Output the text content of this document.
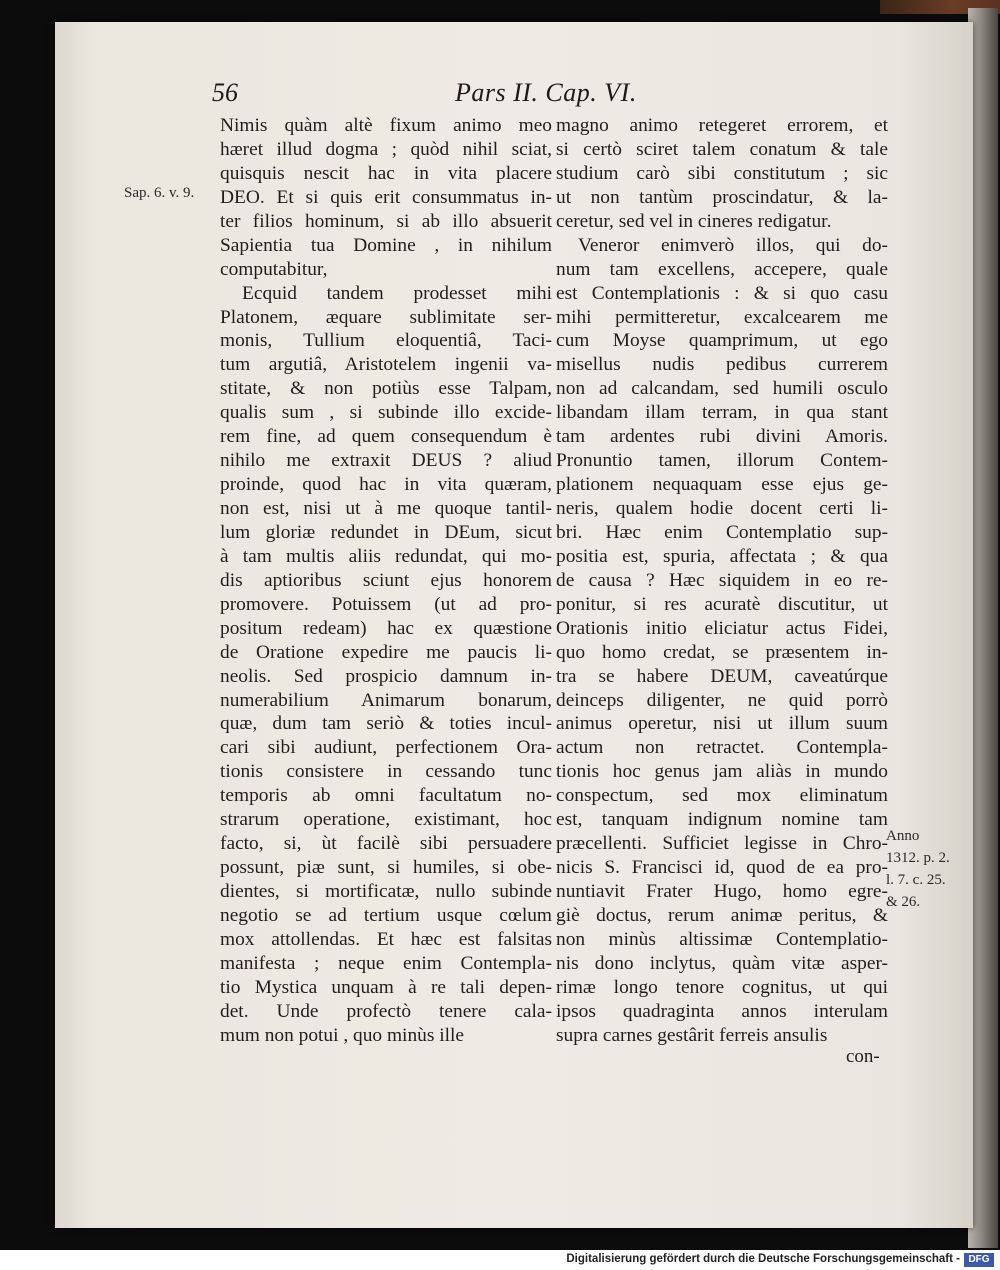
56	Pars II. Cap. VI.
Sap. 6. v. 9.
Anno
1312. p. 2.
l. 7. c. 25.
& 26.
Nimis quàm altè fixum animo meo
hæret illud dogma ; quòd nihil sciat,
quisquis nescit hac in vita placere
DEO. Et si quis erit consummatus in-
ter filios hominum, si ab illo absuerit
Sapientia tua Domine , in nihilum
computabitur,
Ecquid tandem prodesset mihi
Platonem, æquare sublimitate ser-
monis, Tullium eloquentiâ, Taci-
tum argutiâ, Aristotelem ingenii va-
stitate, & non potiùs esse Talpam,
qualis sum , si subinde illo excide-
rem fine, ad quem consequendum è
nihilo me extraxit DEUS ? aliud
proinde, quod hac in vita quæram,
non est, nisi ut à me quoque tantil-
lum gloriæ redundet in DEum, sicut
à tam multis aliis redundat, qui mo-
dis aptioribus sciunt ejus honorem
promovere. Potuissem (ut ad pro-
positum redeam) hac ex quæstione
de Oratione expedire me paucis li-
neolis. Sed prospicio damnum in-
numerabilium Animarum bonarum,
quæ, dum tam seriò & toties incul-
cari sibi audiunt, perfectionem Ora-
tionis consistere in cessando tunc
temporis ab omni facultatum no-
strarum operatione, existimant, hoc
facto, si, ùt facilè sibi persuadere
possunt, piæ sunt, si humiles, si obe-
dientes, si mortificatæ, nullo subinde
negotio se ad tertium usque cœlum
mox attollendas. Et hæc est falsitas
manifesta ; neque enim Contempla-
tio Mystica unquam à re tali depen-
det. Unde profectò tenere cala-
mum non potui , quo minùs ille
magno animo retegeret errorem, et
si certò sciret talem conatum & tale
studium carò sibi constitutum ; sic
ut non tantùm proscindatur, & la-
ceretur, sed vel in cineres redigatur.
Veneror enimverò illos, qui do-
num tam excellens, accepere, quale
est Contemplationis : & si quo casu
mihi permitteretur, excalcearem me
cum Moyse quamprimum, ut ego
misellus nudis pedibus currerem
non ad calcandam, sed humili osculo
libandam illam terram, in qua stant
tam ardentes rubi divini Amoris.
Pronuntio tamen, illorum Contem-
plationem nequaquam esse ejus ge-
neris, qualem hodie docent certi li-
bri. Hæc enim Contemplatio sup-
positia est, spuria, affectata ; & qua
de causa ? Hæc siquidem in eo re-
ponitur, si res acuratè discutitur, ut
Orationis initio eliciatur actus Fidei,
quo homo credat, se præsentem in-
tra se habere DEUM, caveatúrque
deinceps diligenter, ne quid porrò
animus operetur, nisi ut illum suum
actum non retractet. Contempla-
tionis hoc genus jam aliàs in mundo
conspectum, sed mox eliminatum
est, tanquam indignum nomine tam
præcellenti. Sufficiet legisse in Chro-
nicis S. Francisci id, quod de ea pro-
nuntiavit Frater Hugo, homo egre-
giè doctus, rerum animæ peritus, &
non minùs altissimæ Contemplatio-
nis dono inclytus, quàm vitæ asper-
rimæ longo tenore cognitus, ut qui
ipsos quadraginta annos interulam
supra carnes gestârit ferreis ansulis
con-
Digitalisierung gefördert durch die Deutsche Forschungsgemeinschaft - DFG
